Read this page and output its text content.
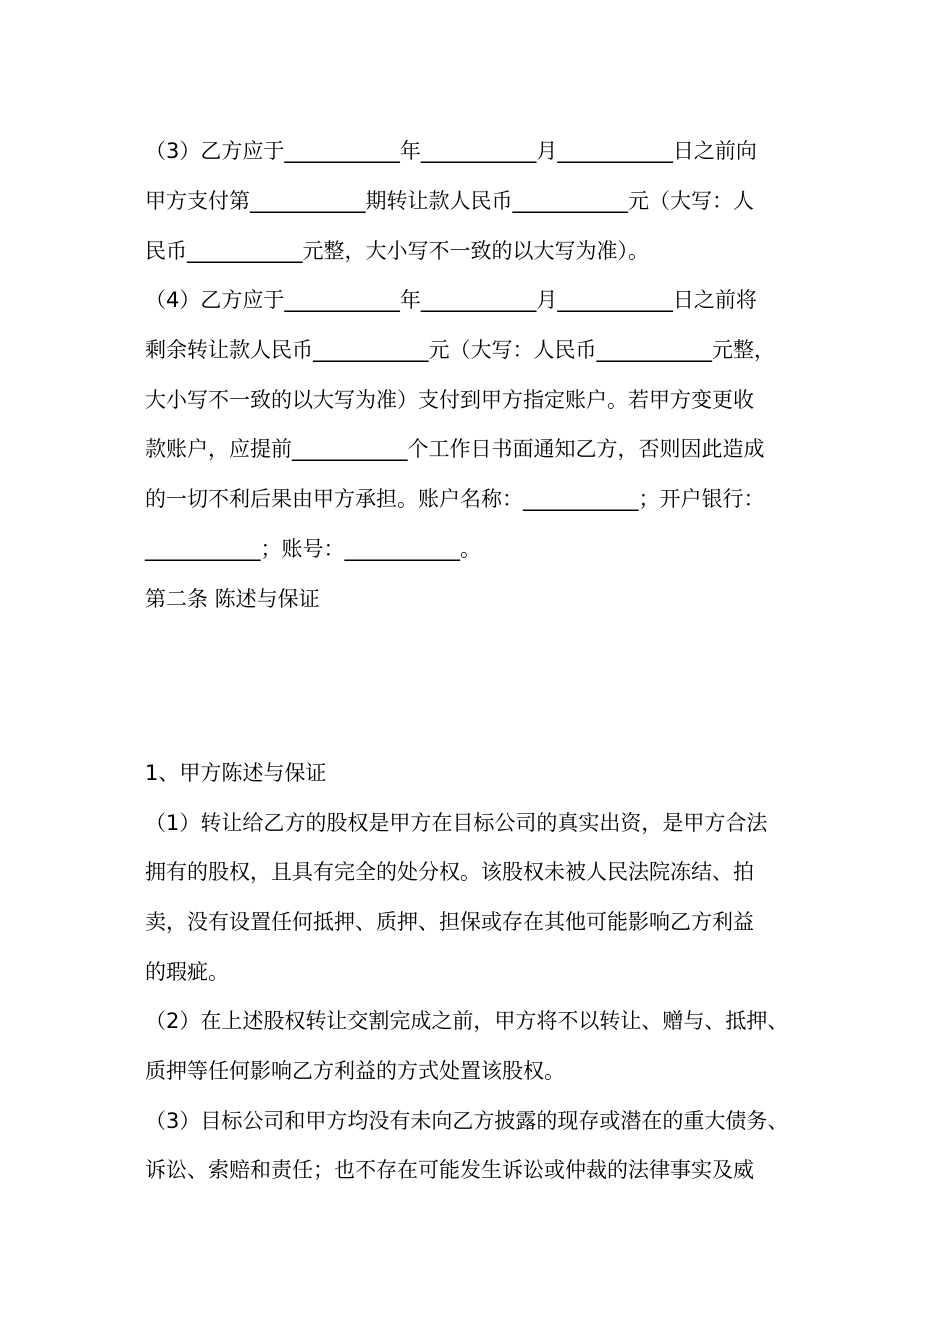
（3）乙方应于___________年___________月___________日之前向
甲方支付第___________期转让款人民币___________元（大写：人
民币___________元整，大小写不一致的以大写为准）。
（4）乙方应于___________年___________月___________日之前将
剩余转让款人民币___________元（大写：人民币___________元整，
大小写不一致的以大写为准）支付到甲方指定账户。若甲方变更收
款账户，应提前___________个工作日书面通知乙方，否则因此造成
的一切不利后果由甲方承担。账户名称：___________；开户银行：
___________；账号：___________。
第二条 陈述与保证
1、甲方陈述与保证
（1）转让给乙方的股权是甲方在目标公司的真实出资，是甲方合法
拥有的股权，且具有完全的处分权。该股权未被人民法院冻结、拍
卖，没有设置任何抵押、质押、担保或存在其他可能影响乙方利益
的瑕疵。
（2）在上述股权转让交割完成之前，甲方将不以转让、赠与、抵押、
质押等任何影响乙方利益的方式处置该股权。
（3）目标公司和甲方均没有未向乙方披露的现存或潜在的重大债务、
诉讼、索赔和责任；也不存在可能发生诉讼或仲裁的法律事实及威
